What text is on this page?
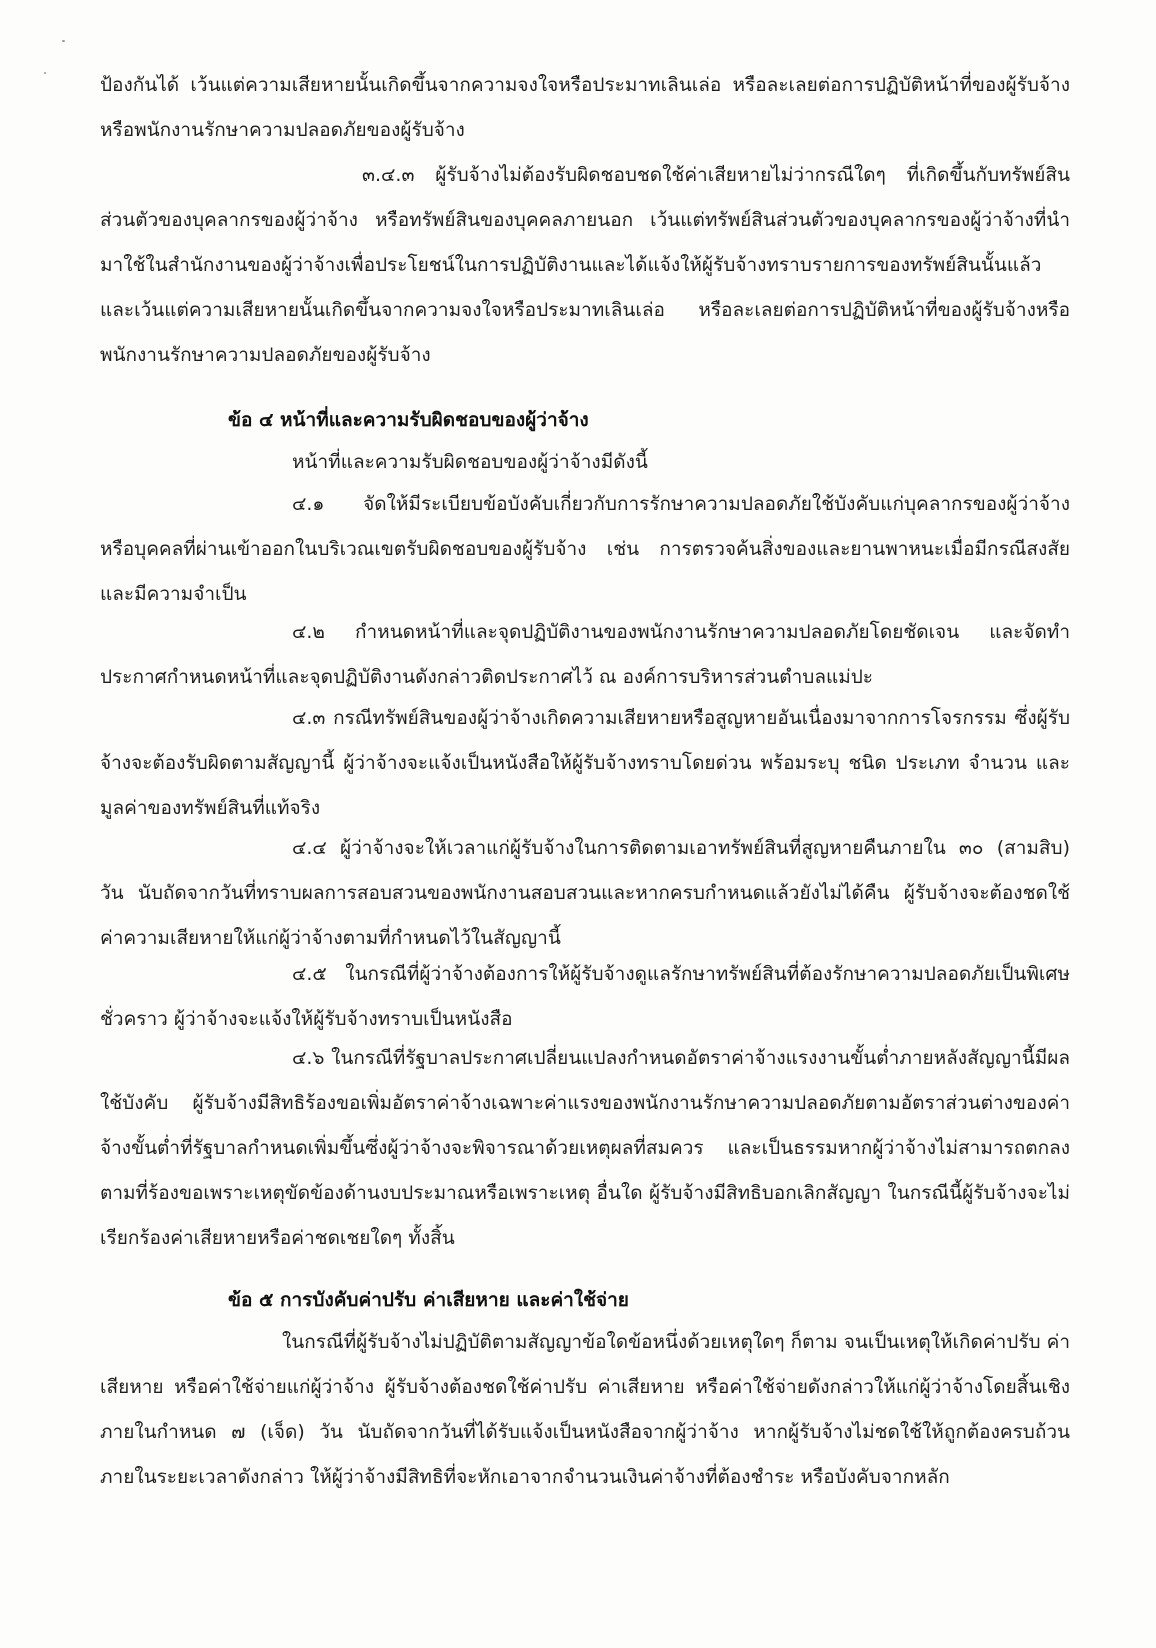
ป้องกันได้ เว้นแต่ความเสียหายนั้นเกิดขึ้นจากความจงใจหรือประมาทเลินเล่อ หรือละเลยต่อการปฏิบัติหน้าที่ของผู้รับจ้างหรือพนักงานรักษาความปลอดภัยของผู้รับจ้าง

๓.๔.๓ ผู้รับจ้างไม่ต้องรับผิดชอบชดใช้ค่าเสียหายไม่ว่ากรณีใดๆ ที่เกิดขึ้นกับทรัพย์สินส่วนตัวของบุคลากรของผู้ว่าจ้าง หรือทรัพย์สินของบุคคลภายนอก เว้นแต่ทรัพย์สินส่วนตัวของบุคลากรของผู้ว่าจ้างที่นำมาใช้ในสำนักงานของผู้ว่าจ้างเพื่อประโยชน์ในการปฏิบัติงานและได้แจ้งให้ผู้รับจ้างทราบรายการของทรัพย์สินนั้นแล้ว และเว้นแต่ความเสียหายนั้นเกิดขึ้นจากความจงใจหรือประมาทเลินเล่อ หรือละเลยต่อการปฏิบัติหน้าที่ของผู้รับจ้างหรือพนักงานรักษาความปลอดภัยของผู้รับจ้าง

ข้อ ๔ หน้าที่และความรับผิดชอบของผู้ว่าจ้าง

หน้าที่และความรับผิดชอบของผู้ว่าจ้างมีดังนี้

๔.๑ จัดให้มีระเบียบข้อบังคับเกี่ยวกับการรักษาความปลอดภัยใช้บังคับแก่บุคลากรของผู้ว่าจ้าง หรือบุคคลที่ผ่านเข้าออกในบริเวณเขตรับผิดชอบของผู้รับจ้าง เช่น การตรวจค้นสิ่งของและยานพาหนะเมื่อมีกรณีสงสัยและมีความจำเป็น

๔.๒ กำหนดหน้าที่และจุดปฏิบัติงานของพนักงานรักษาความปลอดภัยโดยชัดเจน และจัดทำประกาศกำหนดหน้าที่และจุดปฏิบัติงานดังกล่าวติดประกาศไว้ ณ องค์การบริหารส่วนตำบลแม่ปะ

๔.๓ กรณีทรัพย์สินของผู้ว่าจ้างเกิดความเสียหายหรือสูญหายอันเนื่องมาจากการโจรกรรม ซึ่งผู้รับจ้างจะต้องรับผิดตามสัญญานี้ ผู้ว่าจ้างจะแจ้งเป็นหนังสือให้ผู้รับจ้างทราบโดยด่วน พร้อมระบุ ชนิด ประเภท จำนวน และมูลค่าของทรัพย์สินที่แท้จริง

๔.๔ ผู้ว่าจ้างจะให้เวลาแก่ผู้รับจ้างในการติดตามเอาทรัพย์สินที่สูญหายคืนภายใน ๓๐ (สามสิบ) วัน นับถัดจากวันที่ทราบผลการสอบสวนของพนักงานสอบสวนและหากครบกำหนดแล้วยังไม่ได้คืน ผู้รับจ้างจะต้องชดใช้ค่าความเสียหายให้แก่ผู้ว่าจ้างตามที่กำหนดไว้ในสัญญานี้

๔.๕ ในกรณีที่ผู้ว่าจ้างต้องการให้ผู้รับจ้างดูแลรักษาทรัพย์สินที่ต้องรักษาความปลอดภัยเป็นพิเศษชั่วคราว ผู้ว่าจ้างจะแจ้งให้ผู้รับจ้างทราบเป็นหนังสือ

๔.๖ ในกรณีที่รัฐบาลประกาศเปลี่ยนแปลงกำหนดอัตราค่าจ้างแรงงานขั้นต่ำภายหลังสัญญานี้มีผลใช้บังคับ ผู้รับจ้างมีสิทธิร้องขอเพิ่มอัตราค่าจ้างเฉพาะค่าแรงของพนักงานรักษาความปลอดภัยตามอัตราส่วนต่างของค่าจ้างขั้นต่ำที่รัฐบาลกำหนดเพิ่มขึ้นซึ่งผู้ว่าจ้างจะพิจารณาด้วยเหตุผลที่สมควร และเป็นธรรมหากผู้ว่าจ้างไม่สามารถตกลงตามที่ร้องขอเพราะเหตุขัดข้องด้านงบประมาณหรือเพราะเหตุ อื่นใด ผู้รับจ้างมีสิทธิบอกเลิกสัญญา ในกรณีนี้ผู้รับจ้างจะไม่เรียกร้องค่าเสียหายหรือค่าชดเชยใดๆ ทั้งสิ้น

ข้อ ๕ การบังคับค่าปรับ ค่าเสียหาย และค่าใช้จ่าย

ในกรณีที่ผู้รับจ้างไม่ปฏิบัติตามสัญญาข้อใดข้อหนึ่งด้วยเหตุใดๆ ก็ตาม จนเป็นเหตุให้เกิดค่าปรับ ค่าเสียหาย หรือค่าใช้จ่ายแก่ผู้ว่าจ้าง ผู้รับจ้างต้องชดใช้ค่าปรับ ค่าเสียหาย หรือค่าใช้จ่ายดังกล่าวให้แก่ผู้ว่าจ้างโดยสิ้นเชิงภายในกำหนด ๗ (เจ็ด) วัน นับถัดจากวันที่ได้รับแจ้งเป็นหนังสือจากผู้ว่าจ้าง หากผู้รับจ้างไม่ชดใช้ให้ถูกต้องครบถ้วนภายในระยะเวลาดังกล่าว ให้ผู้ว่าจ้างมีสิทธิที่จะหักเอาจากจำนวนเงินค่าจ้างที่ต้องชำระ หรือบังคับจากหลัก
